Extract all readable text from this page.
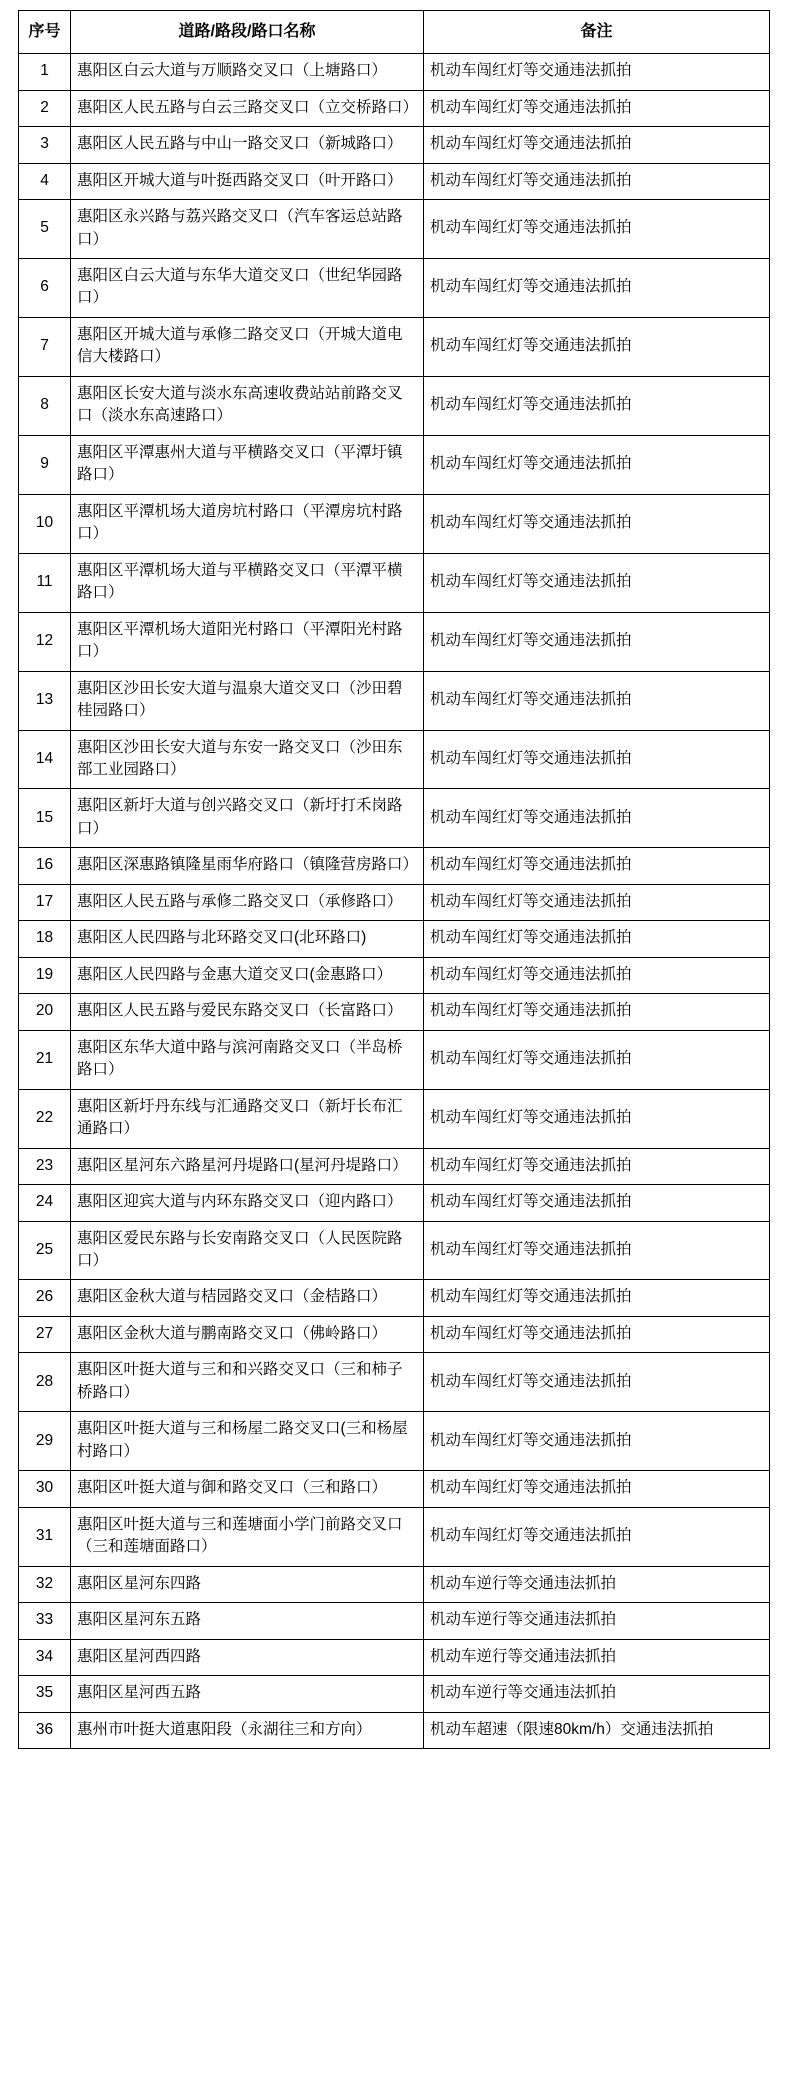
序号	道路/路段/路口名称	备注
1	惠阳区白云大道与万顺路交叉口（上塘路口）	机动车闯红灯等交通违法抓拍
2	惠阳区人民五路与白云三路交叉口（立交桥路口）	机动车闯红灯等交通违法抓拍
3	惠阳区人民五路与中山一路交叉口（新城路口）	机动车闯红灯等交通违法抓拍
4	惠阳区开城大道与叶挺西路交叉口（叶开路口）	机动车闯红灯等交通违法抓拍
5	惠阳区永兴路与荔兴路交叉口（汽车客运总站路口）	机动车闯红灯等交通违法抓拍
6	惠阳区白云大道与东华大道交叉口（世纪华园路口）	机动车闯红灯等交通违法抓拍
7	惠阳区开城大道与承修二路交叉口（开城大道电信大楼路口）	机动车闯红灯等交通违法抓拍
8	惠阳区长安大道与淡水东高速收费站站前路交叉口（淡水东高速路口）	机动车闯红灯等交通违法抓拍
9	惠阳区平潭惠州大道与平横路交叉口（平潭圩镇路口）	机动车闯红灯等交通违法抓拍
10	惠阳区平潭机场大道房坑村路口（平潭房坑村路口）	机动车闯红灯等交通违法抓拍
11	惠阳区平潭机场大道与平横路交叉口（平潭平横路口）	机动车闯红灯等交通违法抓拍
12	惠阳区平潭机场大道阳光村路口（平潭阳光村路口）	机动车闯红灯等交通违法抓拍
13	惠阳区沙田长安大道与温泉大道交叉口（沙田碧桂园路口）	机动车闯红灯等交通违法抓拍
14	惠阳区沙田长安大道与东安一路交叉口（沙田东部工业园路口）	机动车闯红灯等交通违法抓拍
15	惠阳区新圩大道与创兴路交叉口（新圩打禾岗路口）	机动车闯红灯等交通违法抓拍
16	惠阳区深惠路镇隆星雨华府路口（镇隆营房路口）	机动车闯红灯等交通违法抓拍
17	惠阳区人民五路与承修二路交叉口（承修路口）	机动车闯红灯等交通违法抓拍
18	惠阳区人民四路与北环路交叉口(北环路口)	机动车闯红灯等交通违法抓拍
19	惠阳区人民四路与金惠大道交叉口(金惠路口）	机动车闯红灯等交通违法抓拍
20	惠阳区人民五路与爱民东路交叉口（长富路口）	机动车闯红灯等交通违法抓拍
21	惠阳区东华大道中路与滨河南路交叉口（半岛桥路口）	机动车闯红灯等交通违法抓拍
22	惠阳区新圩丹东线与汇通路交叉口（新圩长布汇通路口）	机动车闯红灯等交通违法抓拍
23	惠阳区星河东六路星河丹堤路口(星河丹堤路口）	机动车闯红灯等交通违法抓拍
24	惠阳区迎宾大道与内环东路交叉口（迎内路口）	机动车闯红灯等交通违法抓拍
25	惠阳区爱民东路与长安南路交叉口（人民医院路口）	机动车闯红灯等交通违法抓拍
26	惠阳区金秋大道与桔园路交叉口（金桔路口）	机动车闯红灯等交通违法抓拍
27	惠阳区金秋大道与鹏南路交叉口（佛岭路口）	机动车闯红灯等交通违法抓拍
28	惠阳区叶挺大道与三和和兴路交叉口（三和柿子桥路口）	机动车闯红灯等交通违法抓拍
29	惠阳区叶挺大道与三和杨屋二路交叉口(三和杨屋村路口）	机动车闯红灯等交通违法抓拍
30	惠阳区叶挺大道与御和路交叉口（三和路口）	机动车闯红灯等交通违法抓拍
31	惠阳区叶挺大道与三和莲塘面小学门前路交叉口（三和莲塘面路口）	机动车闯红灯等交通违法抓拍
32	惠阳区星河东四路	机动车逆行等交通违法抓拍
33	惠阳区星河东五路	机动车逆行等交通违法抓拍
34	惠阳区星河西四路	机动车逆行等交通违法抓拍
35	惠阳区星河西五路	机动车逆行等交通违法抓拍
36	惠州市叶挺大道惠阳段（永湖往三和方向）	机动车超速（限速80km/h）交通违法抓拍
